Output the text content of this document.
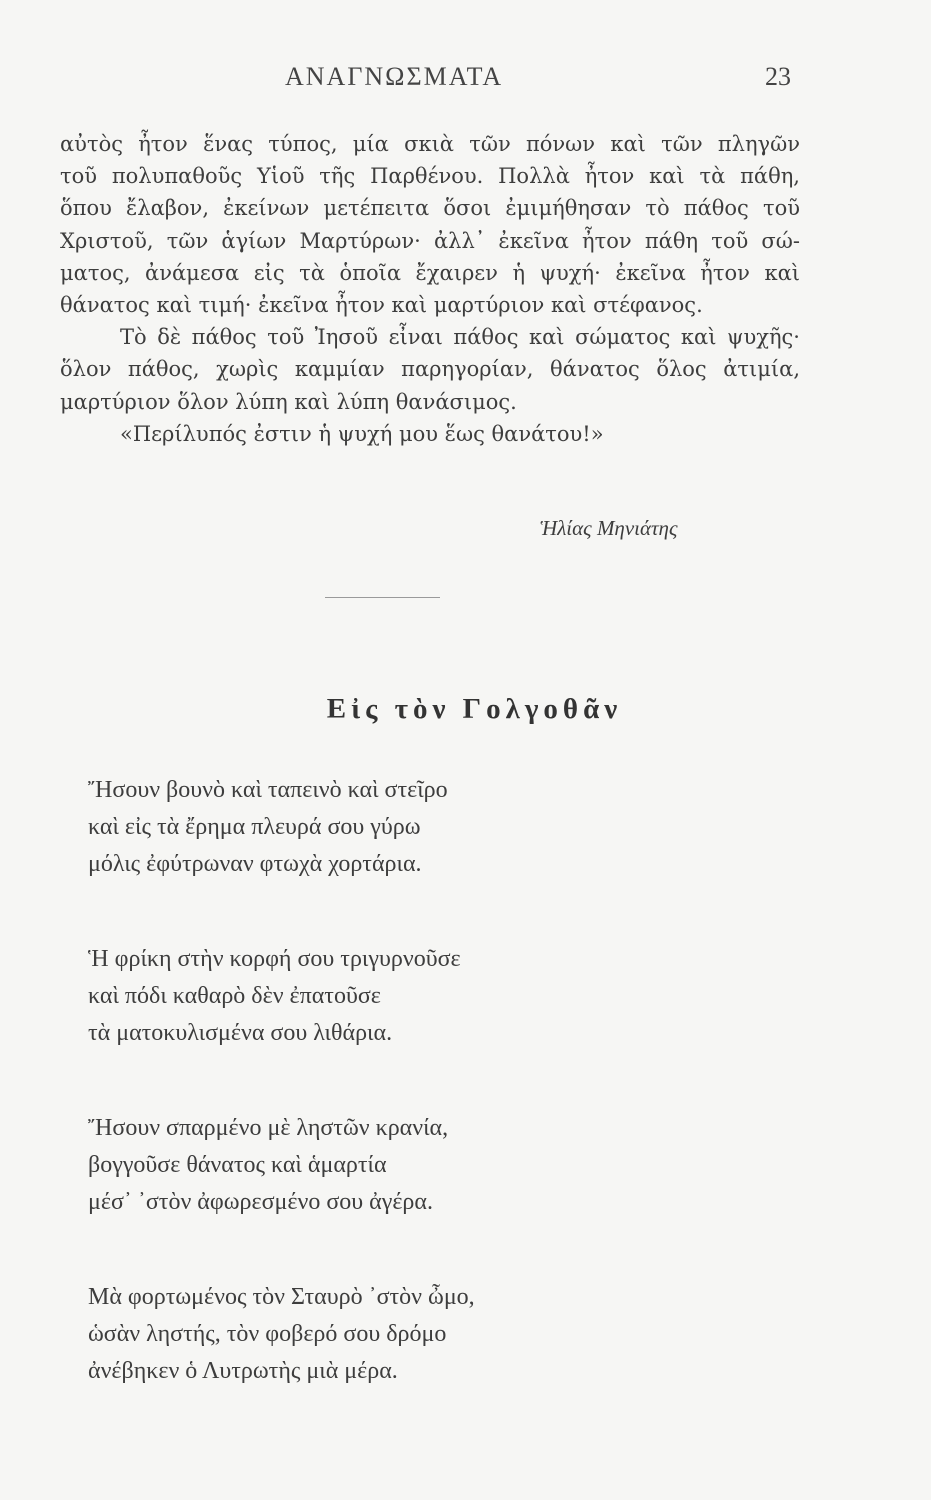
ΑΝΑΓΝΩΣΜΑΤΑ	23
αὐτὸς ἦτον ἕνας τύπος, μία σκιὰ τῶν πόνων καὶ τῶν πληγῶν
τοῦ πολυπαθοῦς Υἱοῦ τῆς Παρθένου. Πολλὰ ἦτον καὶ τὰ πάθη,
ὅπου ἔλαβον, ἐκείνων μετέπειτα ὅσοι ἐμιμήθησαν τὸ πάθος τοῦ
Χριστοῦ, τῶν ἁγίων Μαρτύρων· ἀλλ᾽ ἐκεῖνα ἦτον πάθη τοῦ σώ-
ματος, ἀνάμεσα εἰς τὰ ὁποῖα ἔχαιρεν ἡ ψυχή· ἐκεῖνα ἦτον καὶ
θάνατος καὶ τιμή· ἐκεῖνα ἦτον καὶ μαρτύριον καὶ στέφανος.
Τὸ δὲ πάθος τοῦ Ἰησοῦ εἶναι πάθος καὶ σώματος καὶ ψυχῆς·
ὅλον πάθος, χωρὶς καμμίαν παρηγορίαν, θάνατος ὅλος ἀτιμία,
μαρτύριον ὅλον λύπη καὶ λύπη θανάσιμος.
«Περίλυπός ἐστιν ἡ ψυχή μου ἕως θανάτου!»
Ἡλίας Μηνιάτης
Εἰς τὸν Γολγοθᾶν
Ἤσουν βουνὸ καὶ ταπεινὸ καὶ στεῖρο
καὶ εἰς τὰ ἔρημα πλευρά σου γύρω
μόλις ἐφύτρωναν φτωχὰ χορτάρια.
Ἡ φρίκη στὴν κορφή σου τριγυρνοῦσε
καὶ πόδι καθαρὸ δὲν ἐπατοῦσε
τὰ ματοκυλισμένα σου λιθάρια.
Ἤσουν σπαρμένο μὲ ληστῶν κρανία,
βογγοῦσε θάνατος καὶ ἁμαρτία
μέσ᾽ ᾽στὸν ἀφωρεσμένο σου ἀγέρα.
Μὰ φορτωμένος τὸν Σταυρὸ ᾽στὸν ὦμο,
ὡσὰν ληστής, τὸν φοβερό σου δρόμο
ἀνέβηκεν ὁ Λυτρωτὴς μιὰ μέρα.
